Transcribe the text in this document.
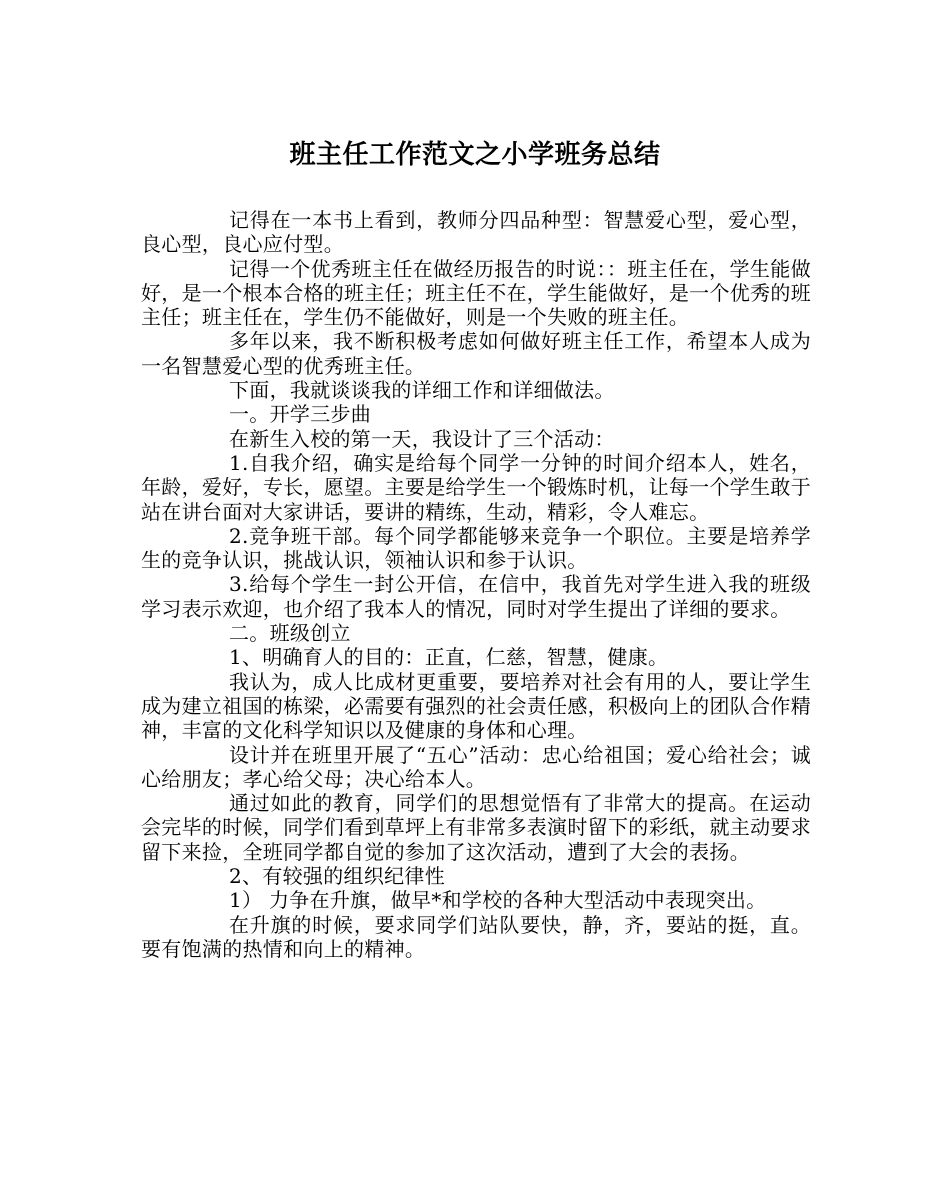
班主任工作范文之小学班务总结

记得在一本书上看到，教师分四品种型：智慧爱心型，爱心型，良心型，良心应付型。

记得一个优秀班主任在做经历报告的时说：：班主任在，学生能做好，是一个根本合格的班主任；班主任不在，学生能做好，是一个优秀的班主任；班主任在，学生仍不能做好，则是一个失败的班主任。

多年以来，我不断积极考虑如何做好班主任工作，希望本人成为一名智慧爱心型的优秀班主任。

下面，我就谈谈我的详细工作和详细做法。

一。开学三步曲

在新生入校的第一天，我设计了三个活动：

1.自我介绍，确实是给每个同学一分钟的时间介绍本人，姓名，年龄，爱好，专长，愿望。主要是给学生一个锻炼时机，让每一个学生敢于站在讲台面对大家讲话，要讲的精练，生动，精彩，令人难忘。

2.竞争班干部。每个同学都能够来竞争一个职位。主要是培养学生的竞争认识，挑战认识，领袖认识和参于认识。

3.给每个学生一封公开信，在信中，我首先对学生进入我的班级学习表示欢迎，也介绍了我本人的情况，同时对学生提出了详细的要求。

二。班级创立

1、明确育人的目的：正直，仁慈，智慧，健康。

我认为，成人比成材更重要，要培养对社会有用的人，要让学生成为建立祖国的栋梁，必需要有强烈的社会责任感，积极向上的团队合作精神，丰富的文化科学知识以及健康的身体和心理。

设计并在班里开展了“五心”活动：忠心给祖国；爱心给社会；诚心给朋友；孝心给父母；决心给本人。

通过如此的教育，同学们的思想觉悟有了非常大的提高。在运动会完毕的时候，同学们看到草坪上有非常多表演时留下的彩纸，就主动要求留下来捡，全班同学都自觉的参加了这次活动，遭到了大会的表扬。

2、有较强的组织纪律性

1） 力争在升旗，做早*和学校的各种大型活动中表现突出。

在升旗的时候，要求同学们站队要快，静，齐，要站的挺，直。要有饱满的热情和向上的精神。
